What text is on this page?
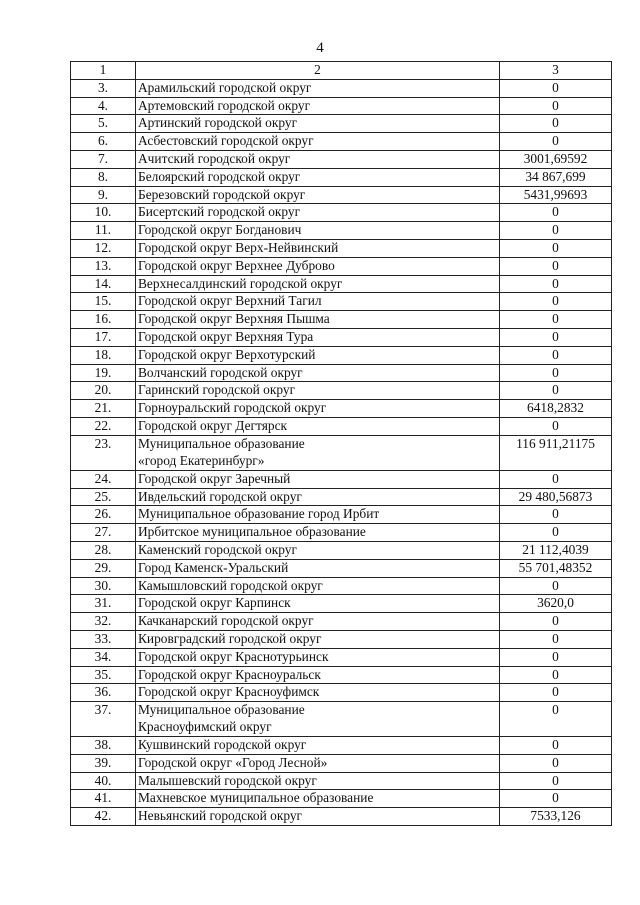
4
1	2	3
3.	Арамильский городской округ	0
4.	Артемовский городской округ	0
5.	Артинский городской округ	0
6.	Асбестовский городской округ	0
7.	Ачитский городской округ	3001,69592
8.	Белоярский городской округ	34 867,699
9.	Березовский городской округ	5431,99693
10.	Бисертский городской округ	0
11.	Городской округ Богданович	0
12.	Городской округ Верх-Нейвинский	0
13.	Городской округ Верхнее Дуброво	0
14.	Верхнесалдинский городской округ	0
15.	Городской округ Верхний Тагил	0
16.	Городской округ Верхняя Пышма	0
17.	Городской округ Верхняя Тура	0
18.	Городской округ Верхотурский	0
19.	Волчанский городской округ	0
20.	Гаринский городской округ	0
21.	Горноуральский городской округ	6418,2832
22.	Городской округ Дегтярск	0
23.	Муниципальное образование
«город Екатеринбург»	116 911,21175
24.	Городской округ Заречный	0
25.	Ивдельский городской округ	29 480,56873
26.	Муниципальное образование город Ирбит	0
27.	Ирбитское муниципальное образование	0
28.	Каменский городской округ	21 112,4039
29.	Город Каменск-Уральский	55 701,48352
30.	Камышловский городской округ	0
31.	Городской округ Карпинск	3620,0
32.	Качканарский городской округ	0
33.	Кировградский городской округ	0
34.	Городской округ Краснотурьинск	0
35.	Городской округ Красноуральск	0
36.	Городской округ Красноуфимск	0
37.	Муниципальное образование
Красноуфимский округ	0
38.	Кушвинский городской округ	0
39.	Городской округ «Город Лесной»	0
40.	Малышевский городской округ	0
41.	Махневское муниципальное образование	0
42.	Невьянский городской округ	7533,126
